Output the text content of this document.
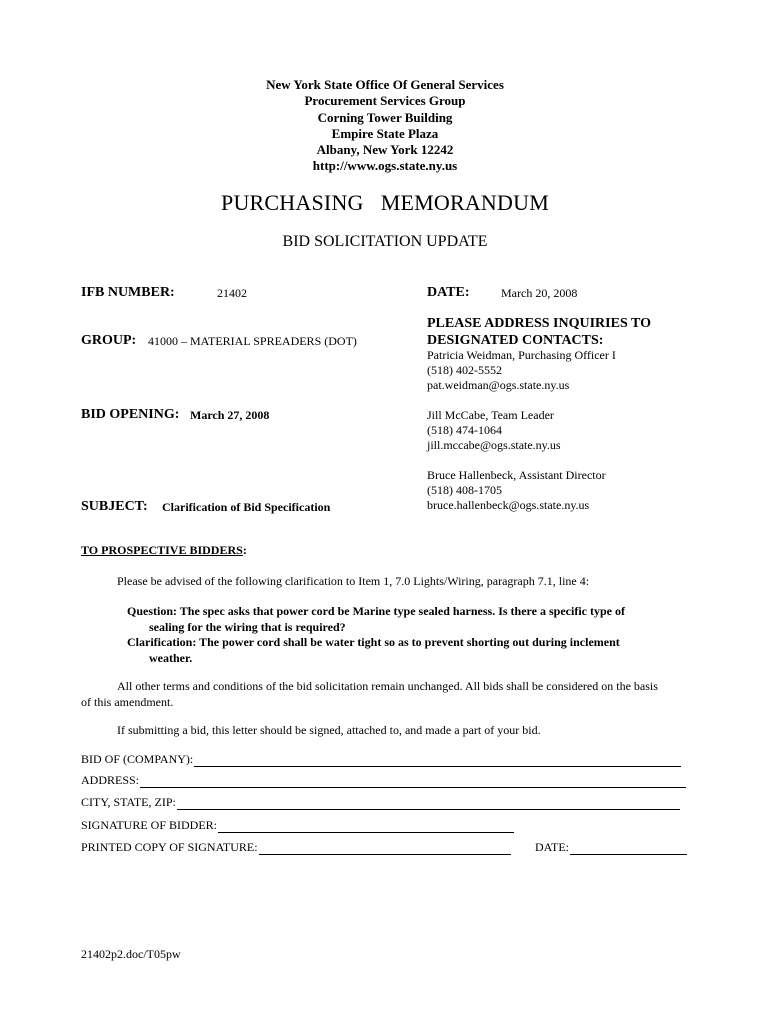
New York State Office Of General Services
Procurement Services Group
Corning Tower Building
Empire State Plaza
Albany, New York 12242
http://www.ogs.state.ny.us
PURCHASING   MEMORANDUM
BID SOLICITATION UPDATE
IFB NUMBER:	21402
GROUP: 41000 – MATERIAL SPREADERS (DOT)
BID OPENING: March 27, 2008
SUBJECT: Clarification of Bid Specification
DATE:	March 20, 2008
PLEASE ADDRESS INQUIRIES TO
DESIGNATED CONTACTS:
Patricia Weidman, Purchasing Officer I
(518) 402-5552
pat.weidman@ogs.state.ny.us
Jill McCabe, Team Leader
(518) 474-1064
jill.mccabe@ogs.state.ny.us
Bruce Hallenbeck, Assistant Director
(518) 408-1705
bruce.hallenbeck@ogs.state.ny.us
TO PROSPECTIVE BIDDERS:
Please be advised of the following clarification to Item 1, 7.0 Lights/Wiring, paragraph 7.1, line 4:
Question: The spec asks that power cord be Marine type sealed harness. Is there a specific type of
sealing for the wiring that is required?
Clarification: The power cord shall be water tight so as to prevent shorting out during inclement
weather.
All other terms and conditions of the bid solicitation remain unchanged. All bids shall be considered on the basis
of this amendment.
If submitting a bid, this letter should be signed, attached to, and made a part of your bid.
BID OF (COMPANY):
ADDRESS:
CITY, STATE, ZIP:
SIGNATURE OF BIDDER:
PRINTED COPY OF SIGNATURE:	DATE:
21402p2.doc/T05pw
